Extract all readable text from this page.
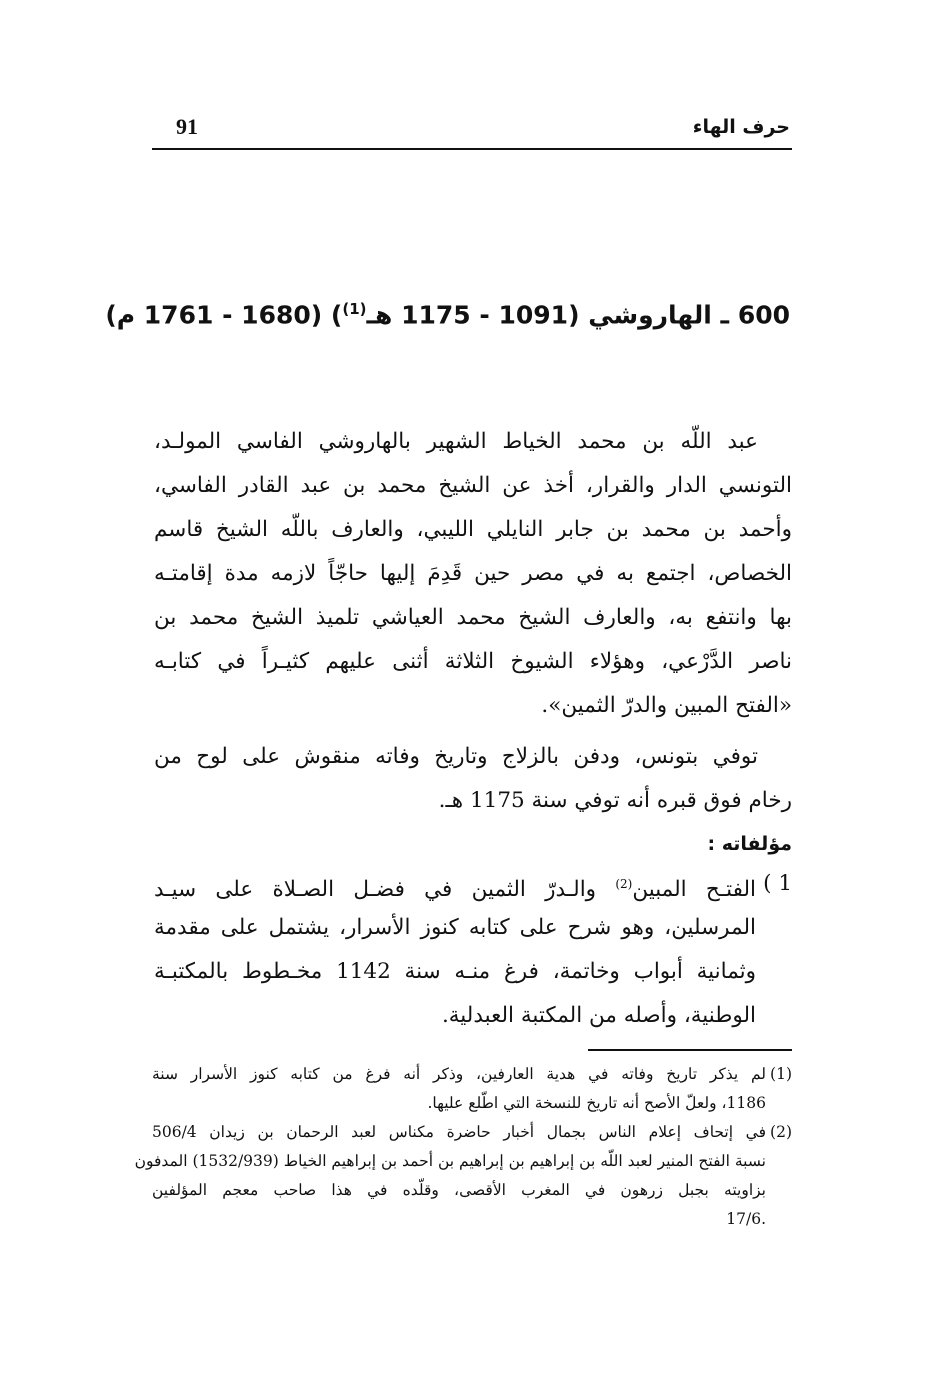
91	حرف الهاء
600 ـ الهاروشي (1091 - 1175 هـ$^{(1)}$) (1680 - 1761 م)
عبد اللّه بن محمد الخياط الشهير بالهاروشي الفاسي المولـد،
التونسي الدار والقرار، أخذ عن الشيخ محمد بن عبد القادر الفاسي،
وأحمد بن محمد بن جابر النايلي الليبي، والعارف باللّه الشيخ قاسم
الخصاص، اجتمع به في مصر حين قَدِمَ إليها حاجّاً لازمه مدة إقامتـه
بها وانتفع به، والعارف الشيخ محمد العياشي تلميذ الشيخ محمد بن
ناصر الدَّرْعي، وهؤلاء الشيوخ الثلاثة أثنى عليهم كثيـراً في كتابـه
«الفتح المبين والدرّ الثمين».
توفي بتونس، ودفن بالزلاج وتاريخ وفاته منقوش على لوح من
رخام فوق قبره أنه توفي سنة 1175 هـ.
مؤلفاته :
1 )
الفتـح المبين$^{(2)}$ والـدرّ الثمين في فضـل الصـلاة على سيـد
المرسلين، وهو شرح على كتابه كنوز الأسرار، يشتمل على مقدمة
وثمانية أبواب وخاتمة، فرغ منـه سنة 1142 مخـطوط بالمكتبـة
الوطنية، وأصله من المكتبة العبدلية.
(1)
لم يذكر تاريخ وفاته في هدية العارفين، وذكر أنه فرغ من كتابه كنوز الأسرار سنة
1186، ولعلّ الأصح أنه تاريخ للنسخة التي اطّلع عليها.
(2)
في إتحاف إعلام الناس بجمال أخبار حاضرة مكناس لعبد الرحمان بن زيدان 506/4
نسبة الفتح المنير لعبد اللّه بن إبراهيم بن إبراهيم بن أحمد بن إبراهيم الخياط (1532/939) المدفون
بزاويته بجبل زرهون في المغرب الأقصى، وقلّده في هذا صاحب معجم المؤلفين
.17/6
